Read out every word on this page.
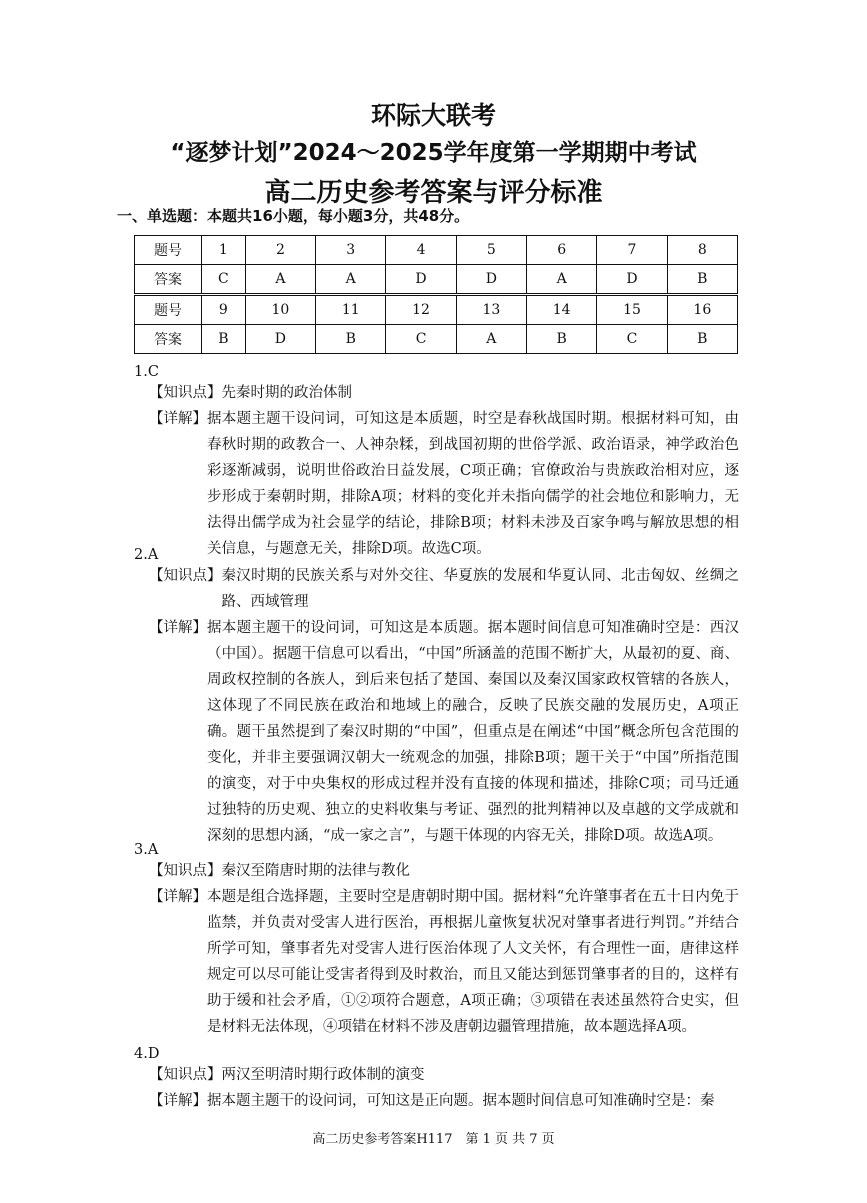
环际大联考
“逐梦计划”2024～2025学年度第一学期期中考试
高二历史参考答案与评分标准
一、单选题：本题共16小题，每小题3分，共48分。
题号	1	2	3	4	5	6	7	8
答案	C	A	A	D	D	A	D	B
题号	9	10	11	12	13	14	15	16
答案	B	D	B	C	A	B	C	B
1.C
【知识点】 先秦时期的政治体制
【详解】 据本题主题干设问词，可知这是本质题，时空是春秋战国时期。根据材料可知，由春秋时期的政教合一、人神杂糅，到战国初期的世俗学派、政治语录，神学政治色彩逐渐减弱，说明世俗政治日益发展，C项正确；官僚政治与贵族政治相对应，逐步形成于秦朝时期，排除A项；材料的变化并未指向儒学的社会地位和影响力，无法得出儒学成为社会显学的结论，排除B项；材料未涉及百家争鸣与解放思想的相关信息，与题意无关，排除D项。故选C项。
2.A
【知识点】 秦汉时期的民族关系与对外交往、华夏族的发展和华夏认同、北击匈奴、丝绸之路、西域管理
【详解】 据本题主题干的设问词，可知这是本质题。据本题时间信息可知准确时空是：西汉（中国）。据题干信息可以看出，“中国”所涵盖的范围不断扩大，从最初的夏、商、周政权控制的各族人，到后来包括了楚国、秦国以及秦汉国家政权管辖的各族人，这体现了不同民族在政治和地域上的融合，反映了民族交融的发展历史，A项正确。题干虽然提到了秦汉时期的“中国”，但重点是在阐述“中国”概念所包含范围的变化，并非主要强调汉朝大一统观念的加强，排除B项；题干关于“中国”所指范围的演变，对于中央集权的形成过程并没有直接的体现和描述，排除C项；司马迁通过独特的历史观、独立的史料收集与考证、强烈的批判精神以及卓越的文学成就和深刻的思想内涵，“成一家之言”，与题干体现的内容无关，排除D项。故选A项。
3.A
【知识点】 秦汉至隋唐时期的法律与教化
【详解】 本题是组合选择题，主要时空是唐朝时期中国。据材料“允许肇事者在五十日内免于监禁，并负责对受害人进行医治，再根据儿童恢复状况对肇事者进行判罚。”并结合所学可知，肇事者先对受害人进行医治体现了人文关怀，有合理性一面，唐律这样规定可以尽可能让受害者得到及时救治，而且又能达到惩罚肇事者的目的，这样有助于缓和社会矛盾，①②项符合题意，A项正确；③项错在表述虽然符合史实，但是材料无法体现，④项错在材料不涉及唐朝边疆管理措施，故本题选择A项。
4.D
【知识点】 两汉至明清时期行政体制的演变
【详解】 据本题主题干的设问词，可知这是正向题。据本题时间信息可知准确时空是：秦
高二历史参考答案H117　第 1 页 共 7 页
